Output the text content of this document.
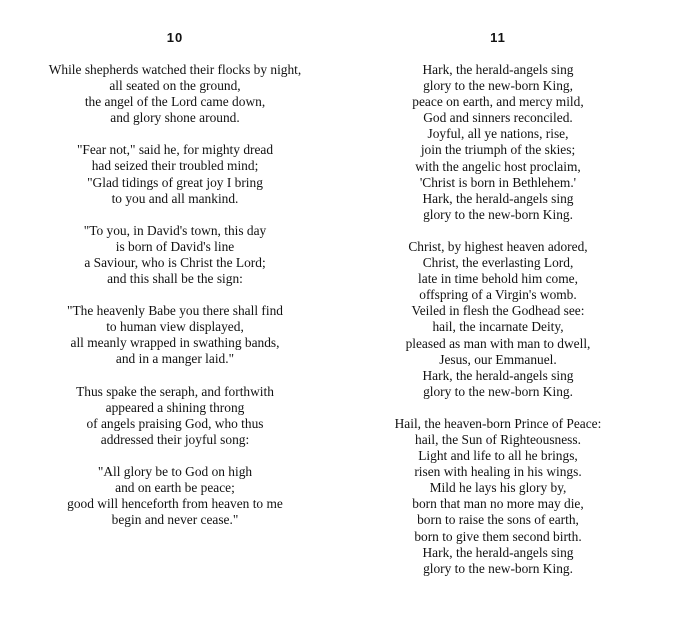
10
While shepherds watched their flocks by night,
all seated on the ground,
the angel of the Lord came down,
and glory shone around.
"Fear not," said he, for mighty dread
had seized their troubled mind;
"Glad tidings of great joy I bring
to you and all mankind.
"To you, in David's town, this day
is born of David's line
a Saviour, who is Christ the Lord;
and this shall be the sign:
"The heavenly Babe you there shall find
to human view displayed,
all meanly wrapped in swathing bands,
and in a manger laid."
Thus spake the seraph, and forthwith
appeared a shining throng
of angels praising God, who thus
addressed their joyful song:
"All glory be to God on high
and on earth be peace;
good will henceforth from heaven to me
begin and never cease."
11
Hark, the herald-angels sing
glory to the new-born King,
peace on earth, and mercy mild,
God and sinners reconciled.
Joyful, all ye nations, rise,
join the triumph of the skies;
with the angelic host proclaim,
'Christ is born in Bethlehem.'
Hark, the herald-angels sing
glory to the new-born King.
Christ, by highest heaven adored,
Christ, the everlasting Lord,
late in time behold him come,
offspring of a Virgin's womb.
Veiled in flesh the Godhead see:
hail, the incarnate Deity,
pleased as man with man to dwell,
Jesus, our Emmanuel.
Hark, the herald-angels sing
glory to the new-born King.
Hail, the heaven-born Prince of Peace:
hail, the Sun of Righteousness.
Light and life to all he brings,
risen with healing in his wings.
Mild he lays his glory by,
born that man no more may die,
born to raise the sons of earth,
born to give them second birth.
Hark, the herald-angels sing
glory to the new-born King.
